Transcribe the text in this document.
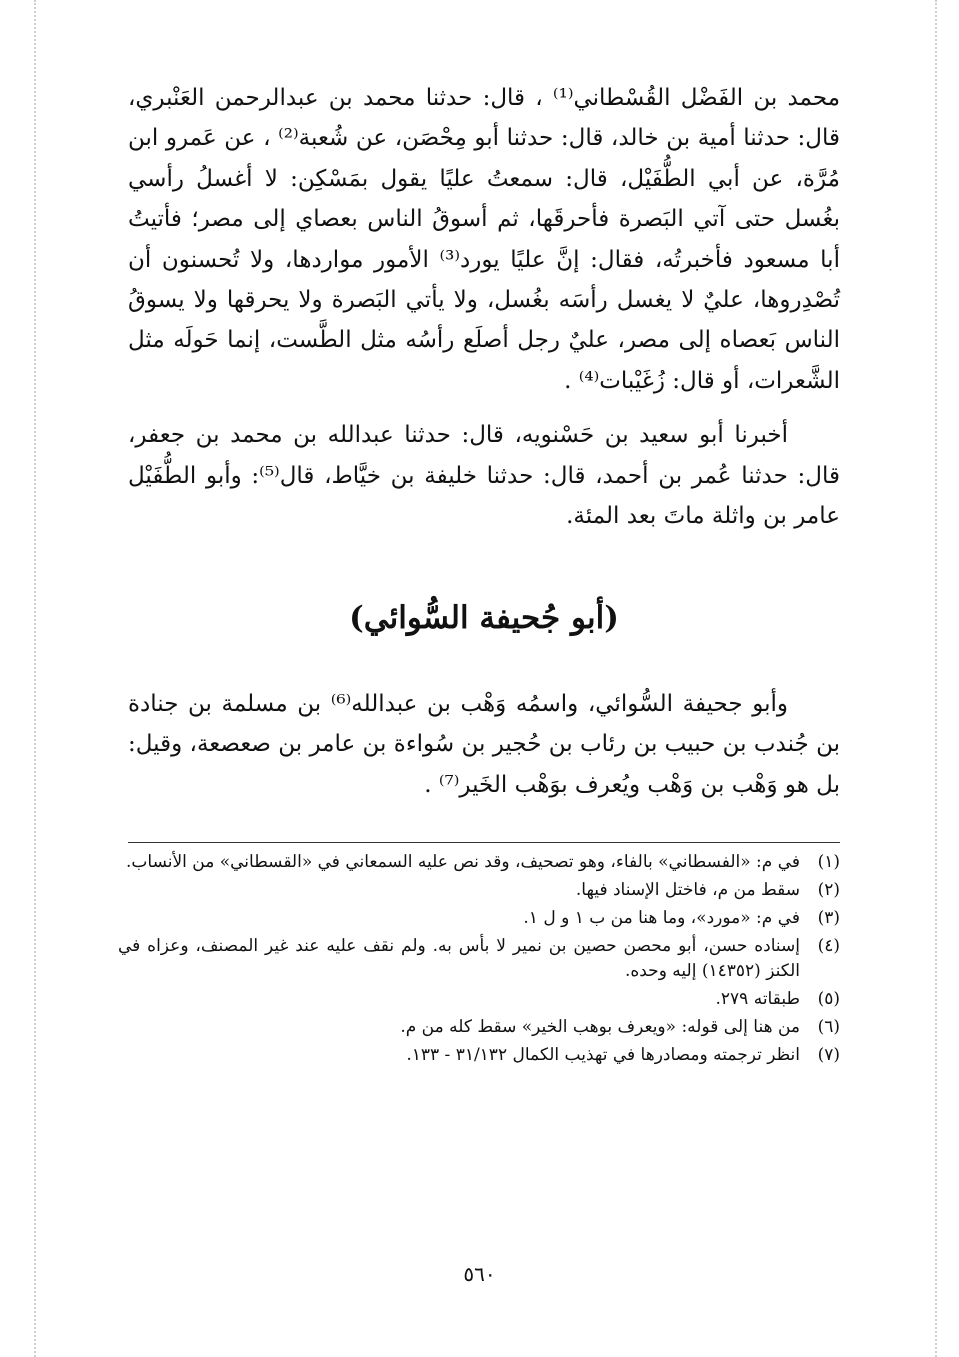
محمد بن الفَضْل القُسْطاني⁽¹⁾ ، قال: حدثنا محمد بن عبدالرحمن العَنْبري، قال: حدثنا أمية بن خالد، قال: حدثنا أبو مِحْصَن، عن شُعبة⁽²⁾ ، عن عَمرو ابن مُرَّة، عن أبي الطُّفَيْل، قال: سمعتُ عليًا يقول بمَسْكِن: لا أغسلُ رأسي بغُسل حتى آتي البَصرة فأحرقَها، ثم أسوقُ الناس بعصاي إلى مصر؛ فأتيتُ أبا مسعود فأخبرتُه، فقال: إنَّ عليًا يورد⁽³⁾ الأمور مواردها، ولا تُحسنون أن تُصْدِروها، عليٌ لا يغسل رأسَه بغُسل، ولا يأتي البَصرة ولا يحرقها ولا يسوقُ الناس بَعصاه إلى مصر، عليٌ رجل أصلَع رأسُه مثل الطَّست، إنما حَولَه مثل الشَّعرات، أو قال: زُغَيْبات⁽⁴⁾ .

أخبرنا أبو سعيد بن حَسْنويه، قال: حدثنا عبدالله بن محمد بن جعفر، قال: حدثنا عُمر بن أحمد، قال: حدثنا خليفة بن خيَّاط، قال⁽⁵⁾: وأبو الطُّفَيْل عامر بن واثلة ماتَ بعد المئة.

(أبو جُحيفة السُّوائي)

وأبو جحيفة السُّوائي، واسمُه وَهْب بن عبدالله⁽⁶⁾ بن مسلمة بن جنادة بن جُندب بن حبيب بن رئاب بن حُجير بن سُواءة بن عامر بن صعصعة، وقيل: بل هو وَهْب بن وَهْب ويُعرف بوَهْب الخَير⁽⁷⁾ .

(١)
في م: «الفسطاني» بالفاء، وهو تصحيف، وقد نص عليه السمعاني في «القسطاني» من الأنساب.
(٢)
سقط من م، فاختل الإسناد فيها.
(٣)
في م: «مورد»، وما هنا من ب ١ و ل ١.
(٤)
إسناده حسن، أبو محصن حصين بن نمير لا بأس به. ولم نقف عليه عند غير المصنف، وعزاه في الكنز (١٤٣٥٢) إليه وحده.
(٥)
طبقاته ٢٧٩.
(٦)
من هنا إلى قوله: «ويعرف بوهب الخير» سقط كله من م.
(٧)
انظر ترجمته ومصادرها في تهذيب الكمال ٣١/١٣٢ - ١٣٣.
٥٦٠
